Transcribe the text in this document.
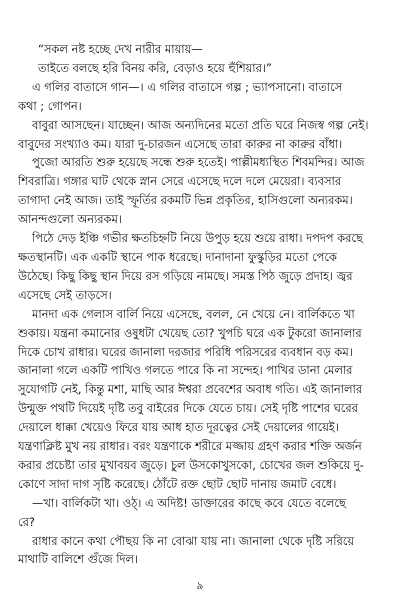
“সকল নষ্ট হচ্ছে দেখ নারীর মায়ায়—

তাইতে বলছে হরি বিনয় করি, বেড়াও হয়ে হুঁশিয়ার।”

এ গলির বাতাসে গান—। এ গলির বাতাসে গল্প ; ভ্যাপসানো। বাতাসে

কথা ; গোপন।

বাবুরা আসছেন। যাচ্ছেন। আজ অন্যদিনের মতো প্রতি ঘরে নিজস্ব গল্প নেই।

বাবুদের সংখ্যাও কম। যারা দু-চারজন এসেছে তারা কারুর না কারুর বাঁধা।

পুজো আরতি শুরু হয়েছে সন্ধে শুরু হতেই। পাল্লীমধ্যস্থিত শিবমন্দির। আজ

শিবরাত্রি। গঙ্গার ঘাট থেকে স্নান সেরে এসেছে দলে দলে মেয়েরা। ব্যবসার

তাগাদা নেই আজ। তাই স্ফূর্তির রকমটি ভিন্ন প্রকৃতির, হাসিগুলো অন্যরকম।

আনন্দগুলো অন্যরকম।

পিঠে দেড় ইঞ্চি গভীর ক্ষতচিহ্নটি নিয়ে উপুড় হয়ে শুয়ে রাধা। দপদপ করছে

ক্ষতস্থানটি। এক একটি স্থানে পাক ধরেছে। দানাদানা ফুস্কুড়ির মতো পেকে

উঠেছে। কিছু কিছু স্থান দিয়ে রস গড়িয়ে নামছে। সমস্ত পিঠ জুড়ে প্রদাহ। জ্বর

এসেছে সেই তাড়সে।

মানদা এক গেলাস বার্লি নিয়ে এসেছে, বলল, নে খেয়ে নে। বার্লিকতে খা

শুকায়। যন্ত্রনা কমানোর ওষুধটা খেয়েছ তো? খুপচি ঘরে এক টুকরো জানালার

দিকে চোখ রাধার। ঘরের জানালা দরজার পরিধি পরিসরের ব্যবধান বড় কম।

জানালা গলে একটি পাখিও গলতে পারে কি না সন্দেহ। পাখির ডানা মেলার

সুযোগটি নেই, কিন্তু মশা, মাছি আর ঈশ্বরা প্রবেশের অবাধ গতি। এই জানালার

উন্মুক্ত পথটি দিয়েই দৃষ্টি তবু বাইরের দিকে যেতে চায়। সেই দৃষ্টি পাশের ঘরের

দেয়ালে ধাক্কা খেয়েও ফিরে যায় আধ হাত দূরত্বের সেই দেয়ালের গায়েই।

যন্ত্রণাক্লিষ্ট মুখ নয় রাধার। বরং যন্ত্রণাকে শরীরে মজ্জায় গ্রহণ করার শক্তি অর্জন

করার প্রচেষ্টা তার মুখাবয়ব জুড়ে। চুল উসকোখুসকো, চোখের জল শুকিয়ে দু-

কোণে সাদা দাগ সৃষ্টি করেছে। ঠোঁটে রক্ত ছোট ছোট দানায় জমাট বেধে।

—খা। বার্লিকটা খা। ওঠ্। এ অদিষ্ট! ডাক্তারের কাছে কবে যেতে বলেছে

রে?

রাধার কানে কথা পৌছয় কি না বোঝা যায় না। জানালা থেকে দৃষ্টি সরিয়ে

মাথাটি বালিশে গুঁজে দিল।

৯
